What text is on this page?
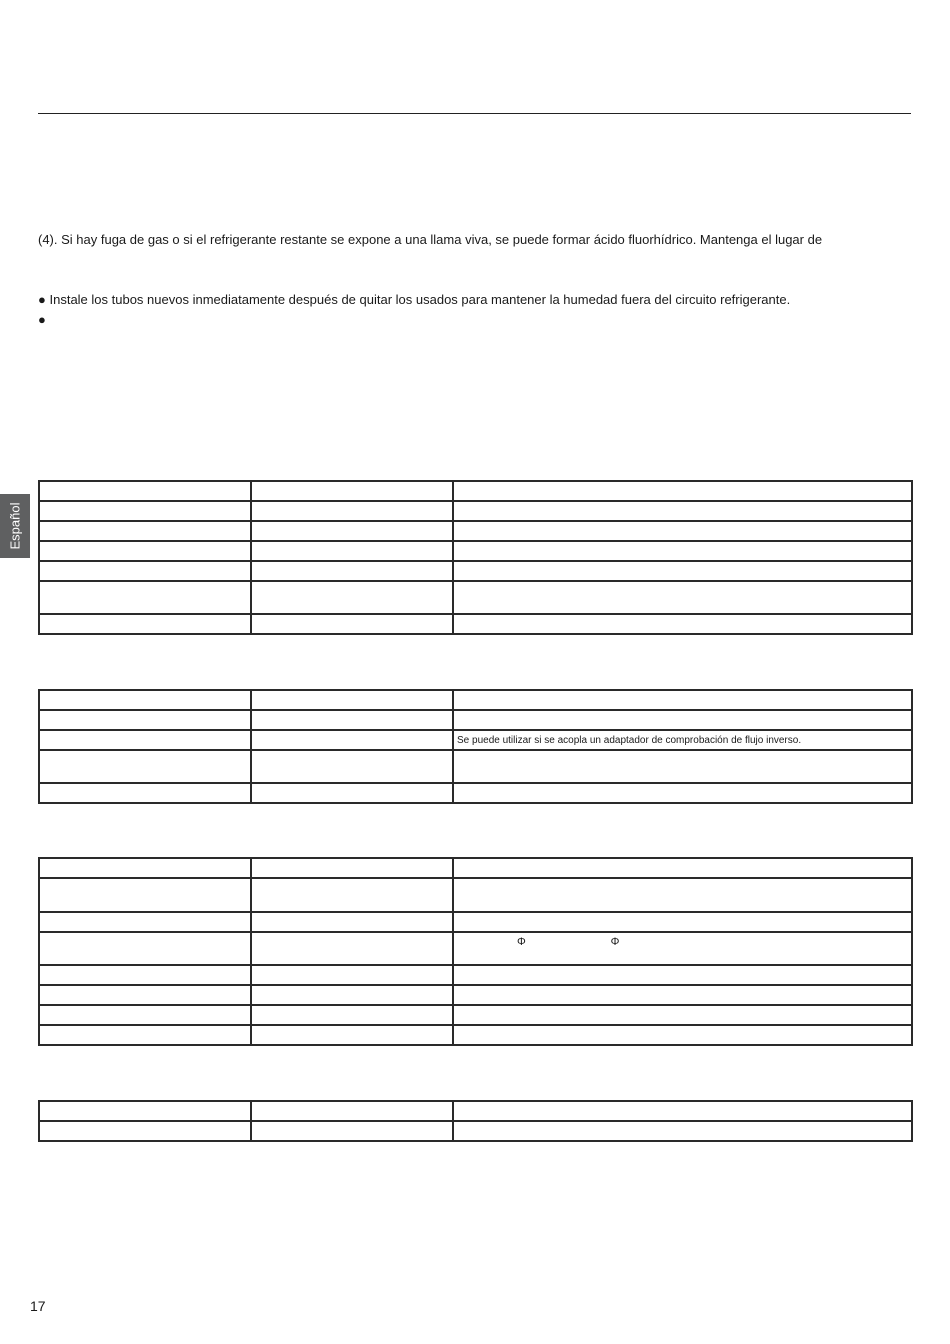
(4). Si hay fuga de gas o si el refrigerante restante se expone a una llama viva, se puede formar ácido fluorhídrico. Mantenga el lugar de
● Instale los tubos nuevos inmediatamente después de quitar los usados para mantener la humedad fuera del circuito refrigerante.
●
Español

		Se puede utilizar si se acopla un adaptador de comprobación de flujo inverso.

		Φ Φ

17
